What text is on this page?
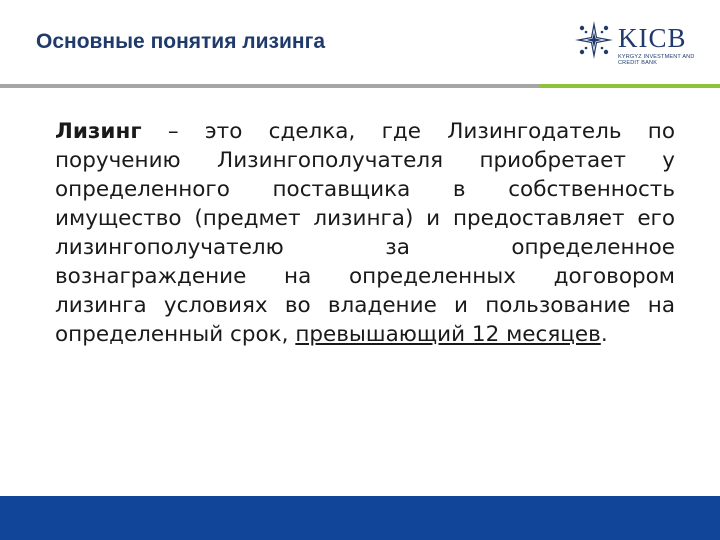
Основные понятия лизинга	KICB
KYRGYZ INVESTMENT AND CREDIT BANK

Лизинг – это сделка, где Лизингодатель по поручению Лизингополучателя приобретает у определенного поставщика в собственность имущество (предмет лизинга) и предоставляет его лизингополучателю за определенное вознаграждение на определенных договором лизинга условиях во владение и пользование на определенный срок, превышающий 12 месяцев.
